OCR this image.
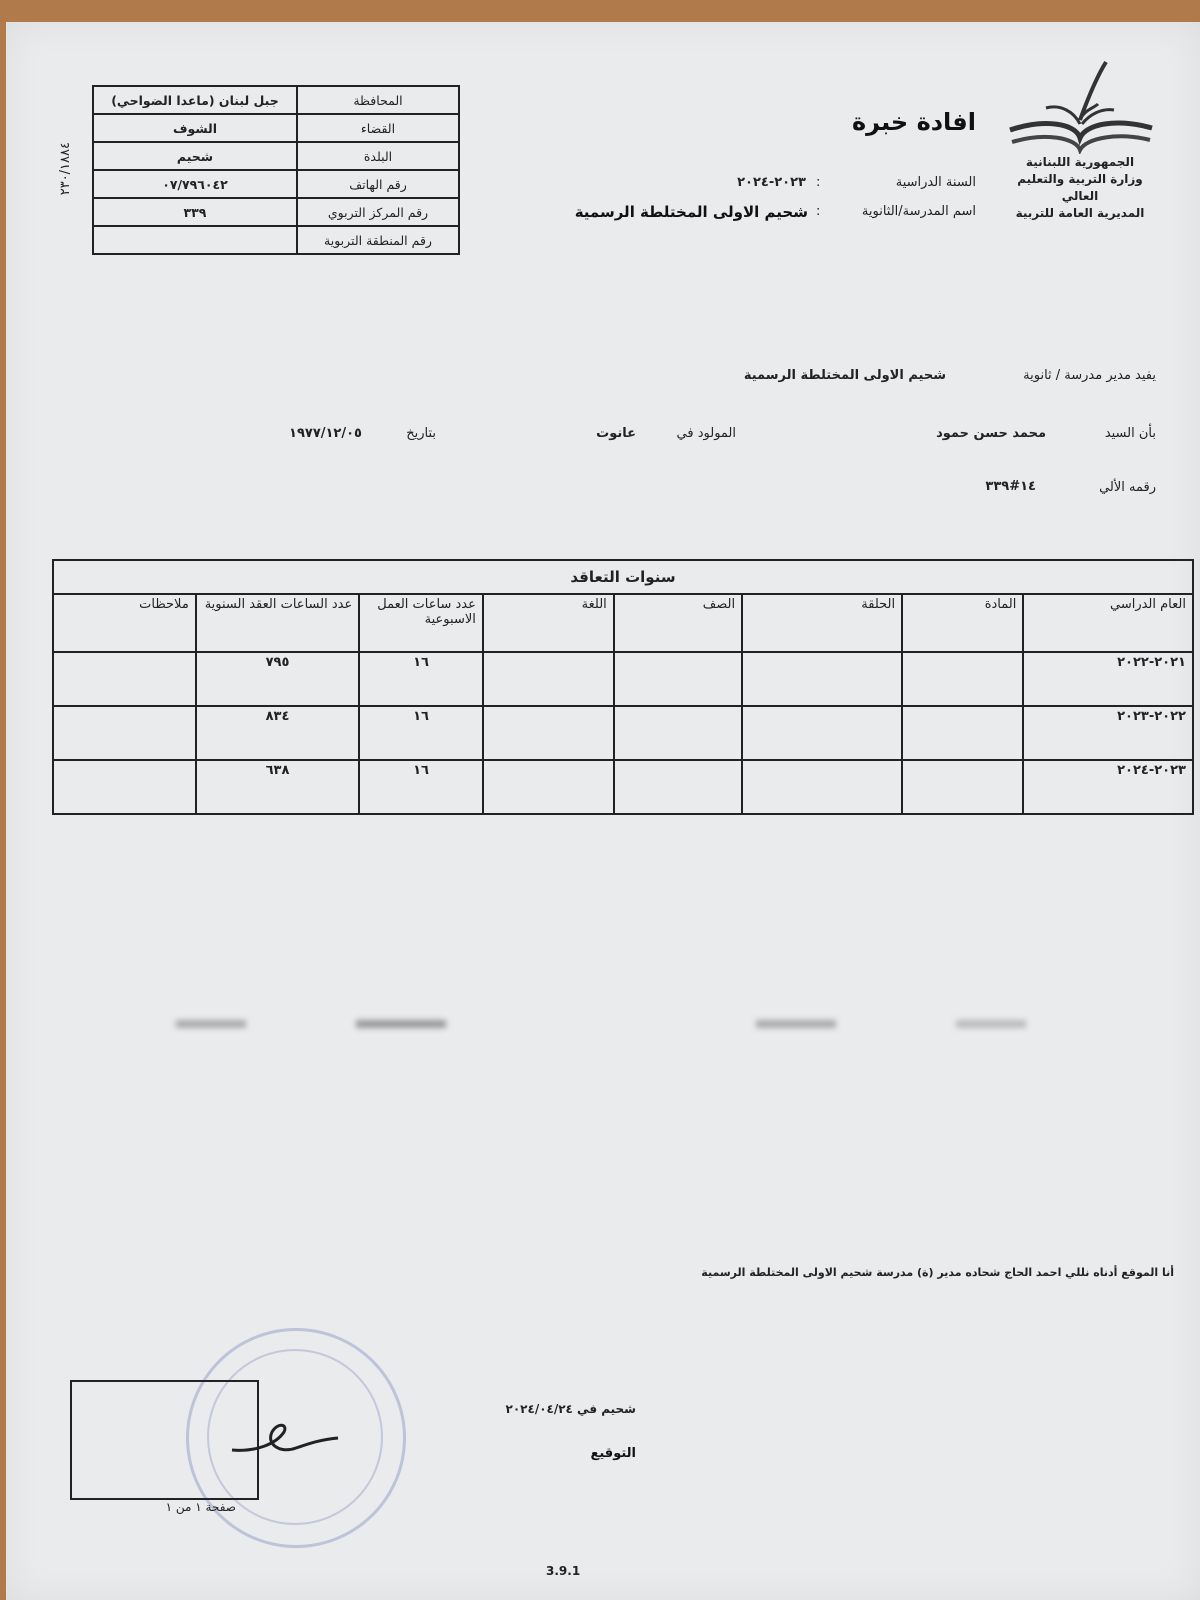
٢٣٠/١٨٨٤
المحافظة	جبل لبنان (ماعدا الضواحي)
القضاء	الشوف
البلدة	شحيم
رقم الهاتف	٠٧/٧٩٦٠٤٢
رقم المركز التربوي	٣٣٩
رقم المنطقة التربوية	
الجمهورية اللبنانية
وزارة التربية والتعليم العالي
المديرية العامة للتربية
افادة خبرة
السنة الدراسية
:
٢٠٢٣-٢٠٢٤
اسم المدرسة/الثانوية
:
شحيم الاولى المختلطة الرسمية
يفيد مدير مدرسة / ثانوية
شحيم الاولى المختلطة الرسمية
بأن السيد
محمد حسن حمود
المولود في
عانوت
بتاريخ
١٩٧٧/١٢/٠٥
رقمه الألي
١٤#٣٣٩
سنوات التعاقد							
العام الدراسي	المادة	الحلقة	الصف	اللغة	عدد ساعات العمل الاسبوعية	عدد الساعات العقد السنوية	ملاحظات
٢٠٢١-٢٠٢٢					١٦	٧٩٥	
٢٠٢٢-٢٠٢٣					١٦	٨٣٤	
٢٠٢٣-٢٠٢٤					١٦	٦٣٨	
أنا الموقع أدناه نللي احمد الحاج شحاده مدير (ة) مدرسة شحيم الاولى المختلطة الرسمية
شحيم في ٢٠٢٤/٠٤/٢٤
التوقيع
صفحة ١ من ١
3.9.1
